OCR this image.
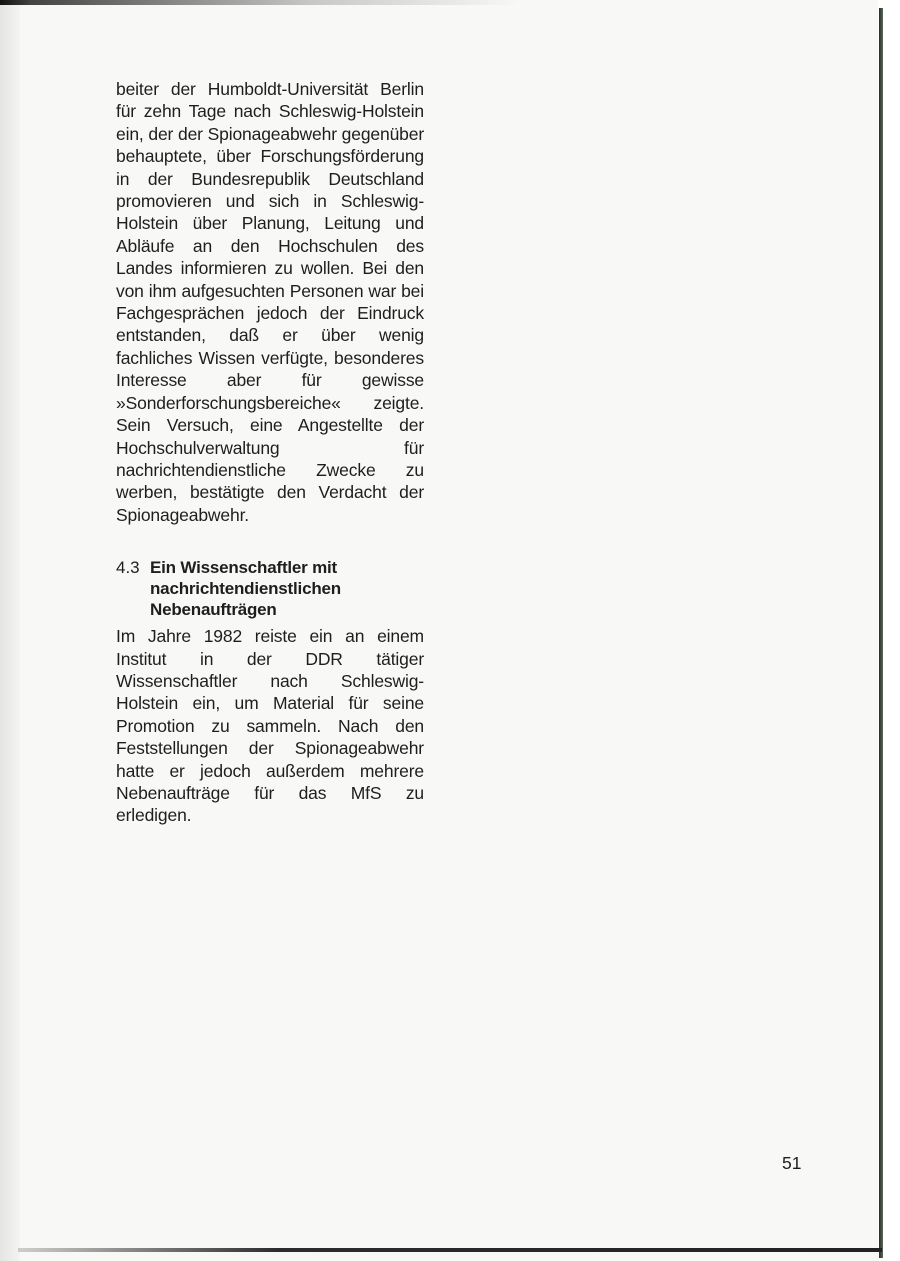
beiter der Humboldt-Universität Berlin für zehn Tage nach Schleswig-Holstein ein, der der Spionageabwehr gegenüber behauptete, über Forschungsförderung in der Bundesrepublik Deutschland promovieren und sich in Schleswig-Holstein über Planung, Leitung und Abläufe an den Hochschulen des Landes informieren zu wollen. Bei den von ihm aufgesuchten Personen war bei Fachgesprächen jedoch der Eindruck entstanden, daß er über wenig fachliches Wissen verfügte, besonderes Interesse aber für gewisse »Sonderforschungsbereiche« zeigte. Sein Versuch, eine Angestellte der Hochschulverwaltung für nachrichtendienstliche Zwecke zu werben, bestätigte den Verdacht der Spionageabwehr.

4.3 Ein Wissenschaftler mit nachrichtendienstlichen Nebenaufträgen

Im Jahre 1982 reiste ein an einem Institut in der DDR tätiger Wissenschaftler nach Schleswig-Holstein ein, um Material für seine Promotion zu sammeln. Nach den Feststellungen der Spionageabwehr hatte er jedoch außerdem mehrere Nebenaufträge für das MfS zu erledigen.

51
